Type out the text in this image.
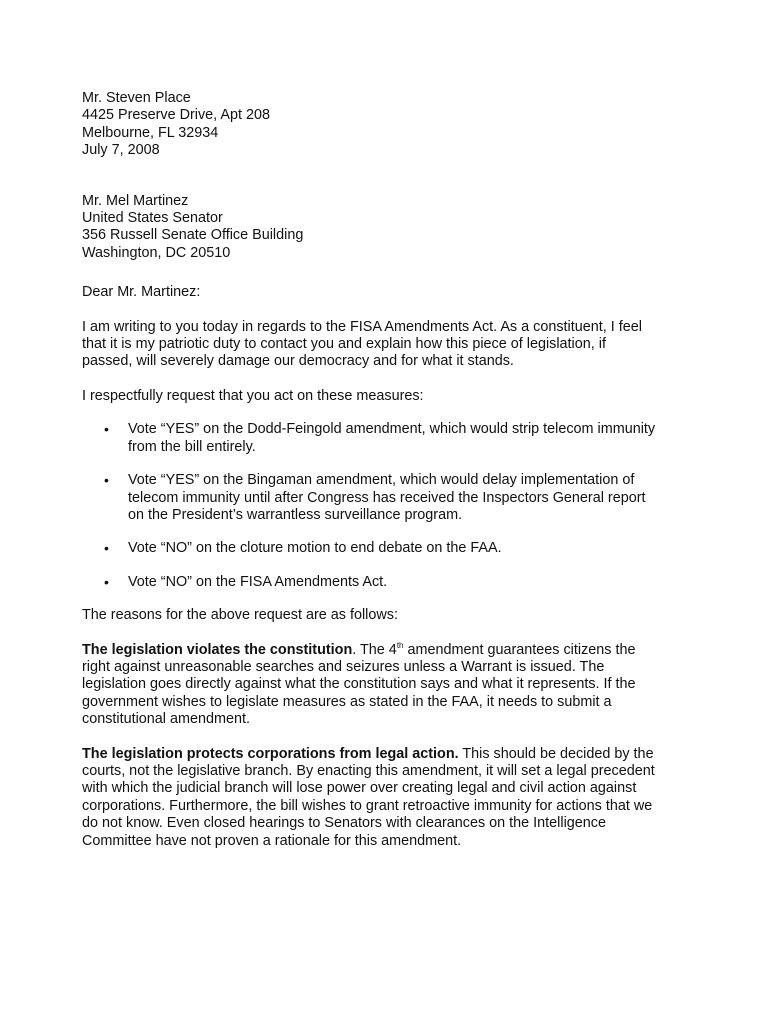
Mr. Steven Place
4425 Preserve Drive, Apt 208
Melbourne, FL 32934
July 7, 2008
Mr. Mel Martinez
United States Senator
356 Russell Senate Office Building
Washington, DC 20510
Dear Mr. Martinez:
I am writing to you today in regards to the FISA Amendments Act. As a constituent, I feel
that it is my patriotic duty to contact you and explain how this piece of legislation, if
passed, will severely damage our democracy and for what it stands.
I respectfully request that you act on these measures:
• Vote “YES” on the Dodd-Feingold amendment, which would strip telecom immunity
from the bill entirely.
• Vote “YES” on the Bingaman amendment, which would delay implementation of
telecom immunity until after Congress has received the Inspectors General report
on the President’s warrantless surveillance program.
• Vote “NO” on the cloture motion to end debate on the FAA.
• Vote “NO” on the FISA Amendments Act.
The reasons for the above request are as follows:
The legislation violates the constitution. The 4th amendment guarantees citizens the
right against unreasonable searches and seizures unless a Warrant is issued. The
legislation goes directly against what the constitution says and what it represents. If the
government wishes to legislate measures as stated in the FAA, it needs to submit a
constitutional amendment.
The legislation protects corporations from legal action. This should be decided by the
courts, not the legislative branch. By enacting this amendment, it will set a legal precedent
with which the judicial branch will lose power over creating legal and civil action against
corporations. Furthermore, the bill wishes to grant retroactive immunity for actions that we
do not know. Even closed hearings to Senators with clearances on the Intelligence
Committee have not proven a rationale for this amendment.
